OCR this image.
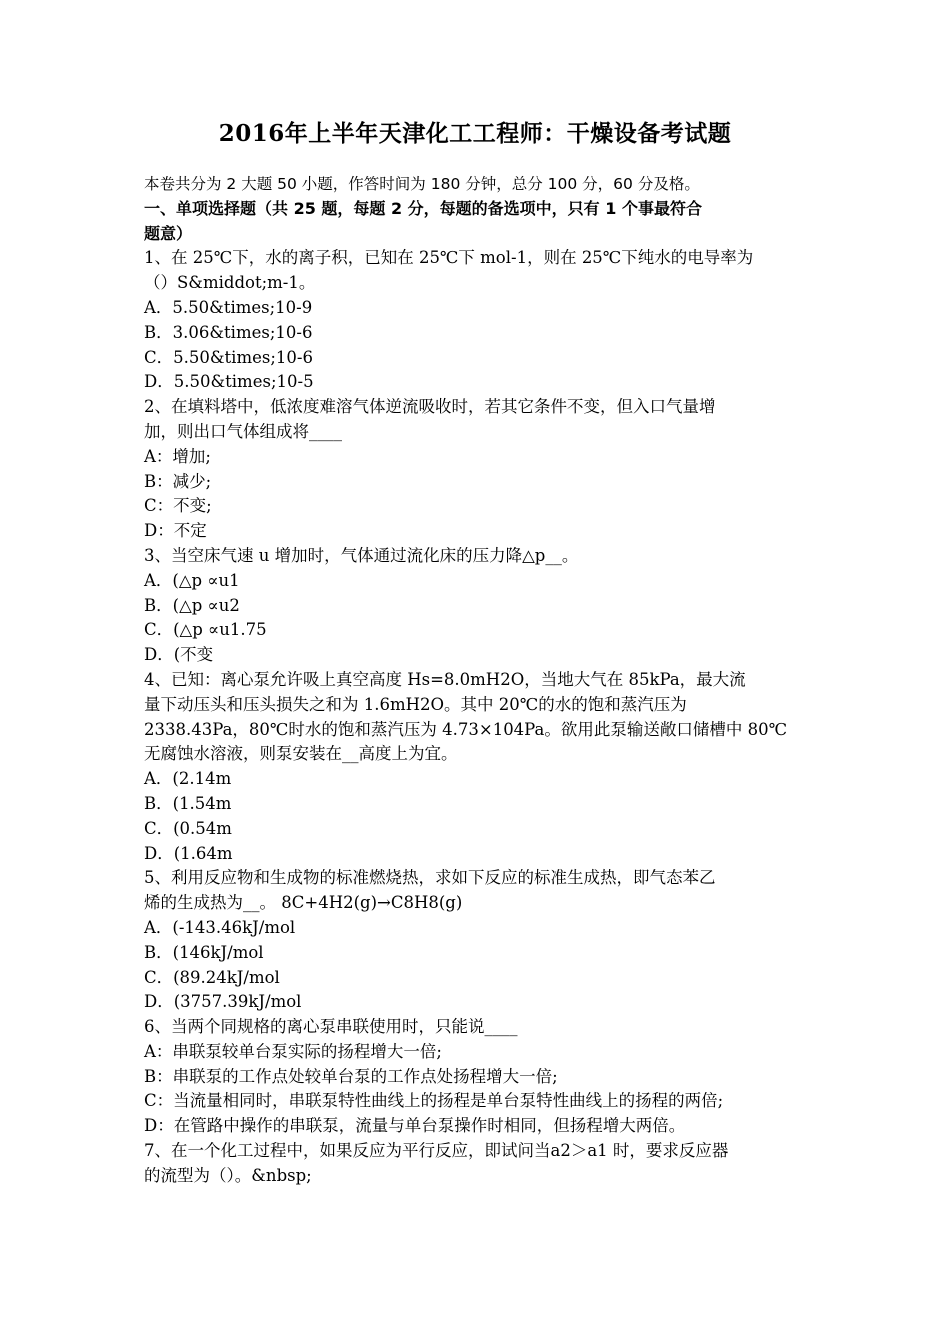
2016年上半年天津化工工程师：干燥设备考试题
本卷共分为 2 大题 50 小题，作答时间为 180 分钟，总分 100 分，60 分及格。
一、单项选择题（共 25 题，每题 2 分，每题的备选项中，只有 1 个事最符合
题意）
1、在 25℃下，水的离子积，已知在 25℃下 mol-1，则在 25℃下纯水的电导率为
（）S&middot;m-1。
A．5.50&times;10-9
B．3.06&times;10-6
C．5.50&times;10-6
D．5.50&times;10-5
2、在填料塔中，低浓度难溶气体逆流吸收时，若其它条件不变，但入口气量增
加，则出口气体组成将____
A：增加;
B：减少;
C：不变;
D：不定
3、当空床气速 u 增加时，气体通过流化床的压力降△p__。
A．(△p ∝u1
B．(△p ∝u2
C．(△p ∝u1.75
D．(不变
4、已知：离心泵允许吸上真空高度 Hs=8.0mH2O，当地大气在 85kPa，最大流
量下动压头和压头损失之和为 1.6mH2O。其中 20℃的水的饱和蒸汽压为
2338.43Pa，80℃时水的饱和蒸汽压为 4.73×104Pa。欲用此泵输送敞口储槽中 80℃
无腐蚀水溶液，则泵安装在__高度上为宜。
A．(2.14m
B．(1.54m
C．(0.54m
D．(1.64m
5、利用反应物和生成物的标准燃烧热，求如下反应的标准生成热，即气态苯乙
烯的生成热为__。 8C+4H2(g)→C8H8(g)
A．(-143.46kJ/mol
B．(146kJ/mol
C．(89.24kJ/mol
D．(3757.39kJ/mol
6、当两个同规格的离心泵串联使用时，只能说____
A：串联泵较单台泵实际的扬程增大一倍;
B：串联泵的工作点处较单台泵的工作点处扬程增大一倍;
C：当流量相同时，串联泵特性曲线上的扬程是单台泵特性曲线上的扬程的两倍;
D：在管路中操作的串联泵，流量与单台泵操作时相同，但扬程增大两倍。
7、在一个化工过程中，如果反应为平行反应，即试问当a2＞a1 时，要求反应器
的流型为（）。&nbsp;
